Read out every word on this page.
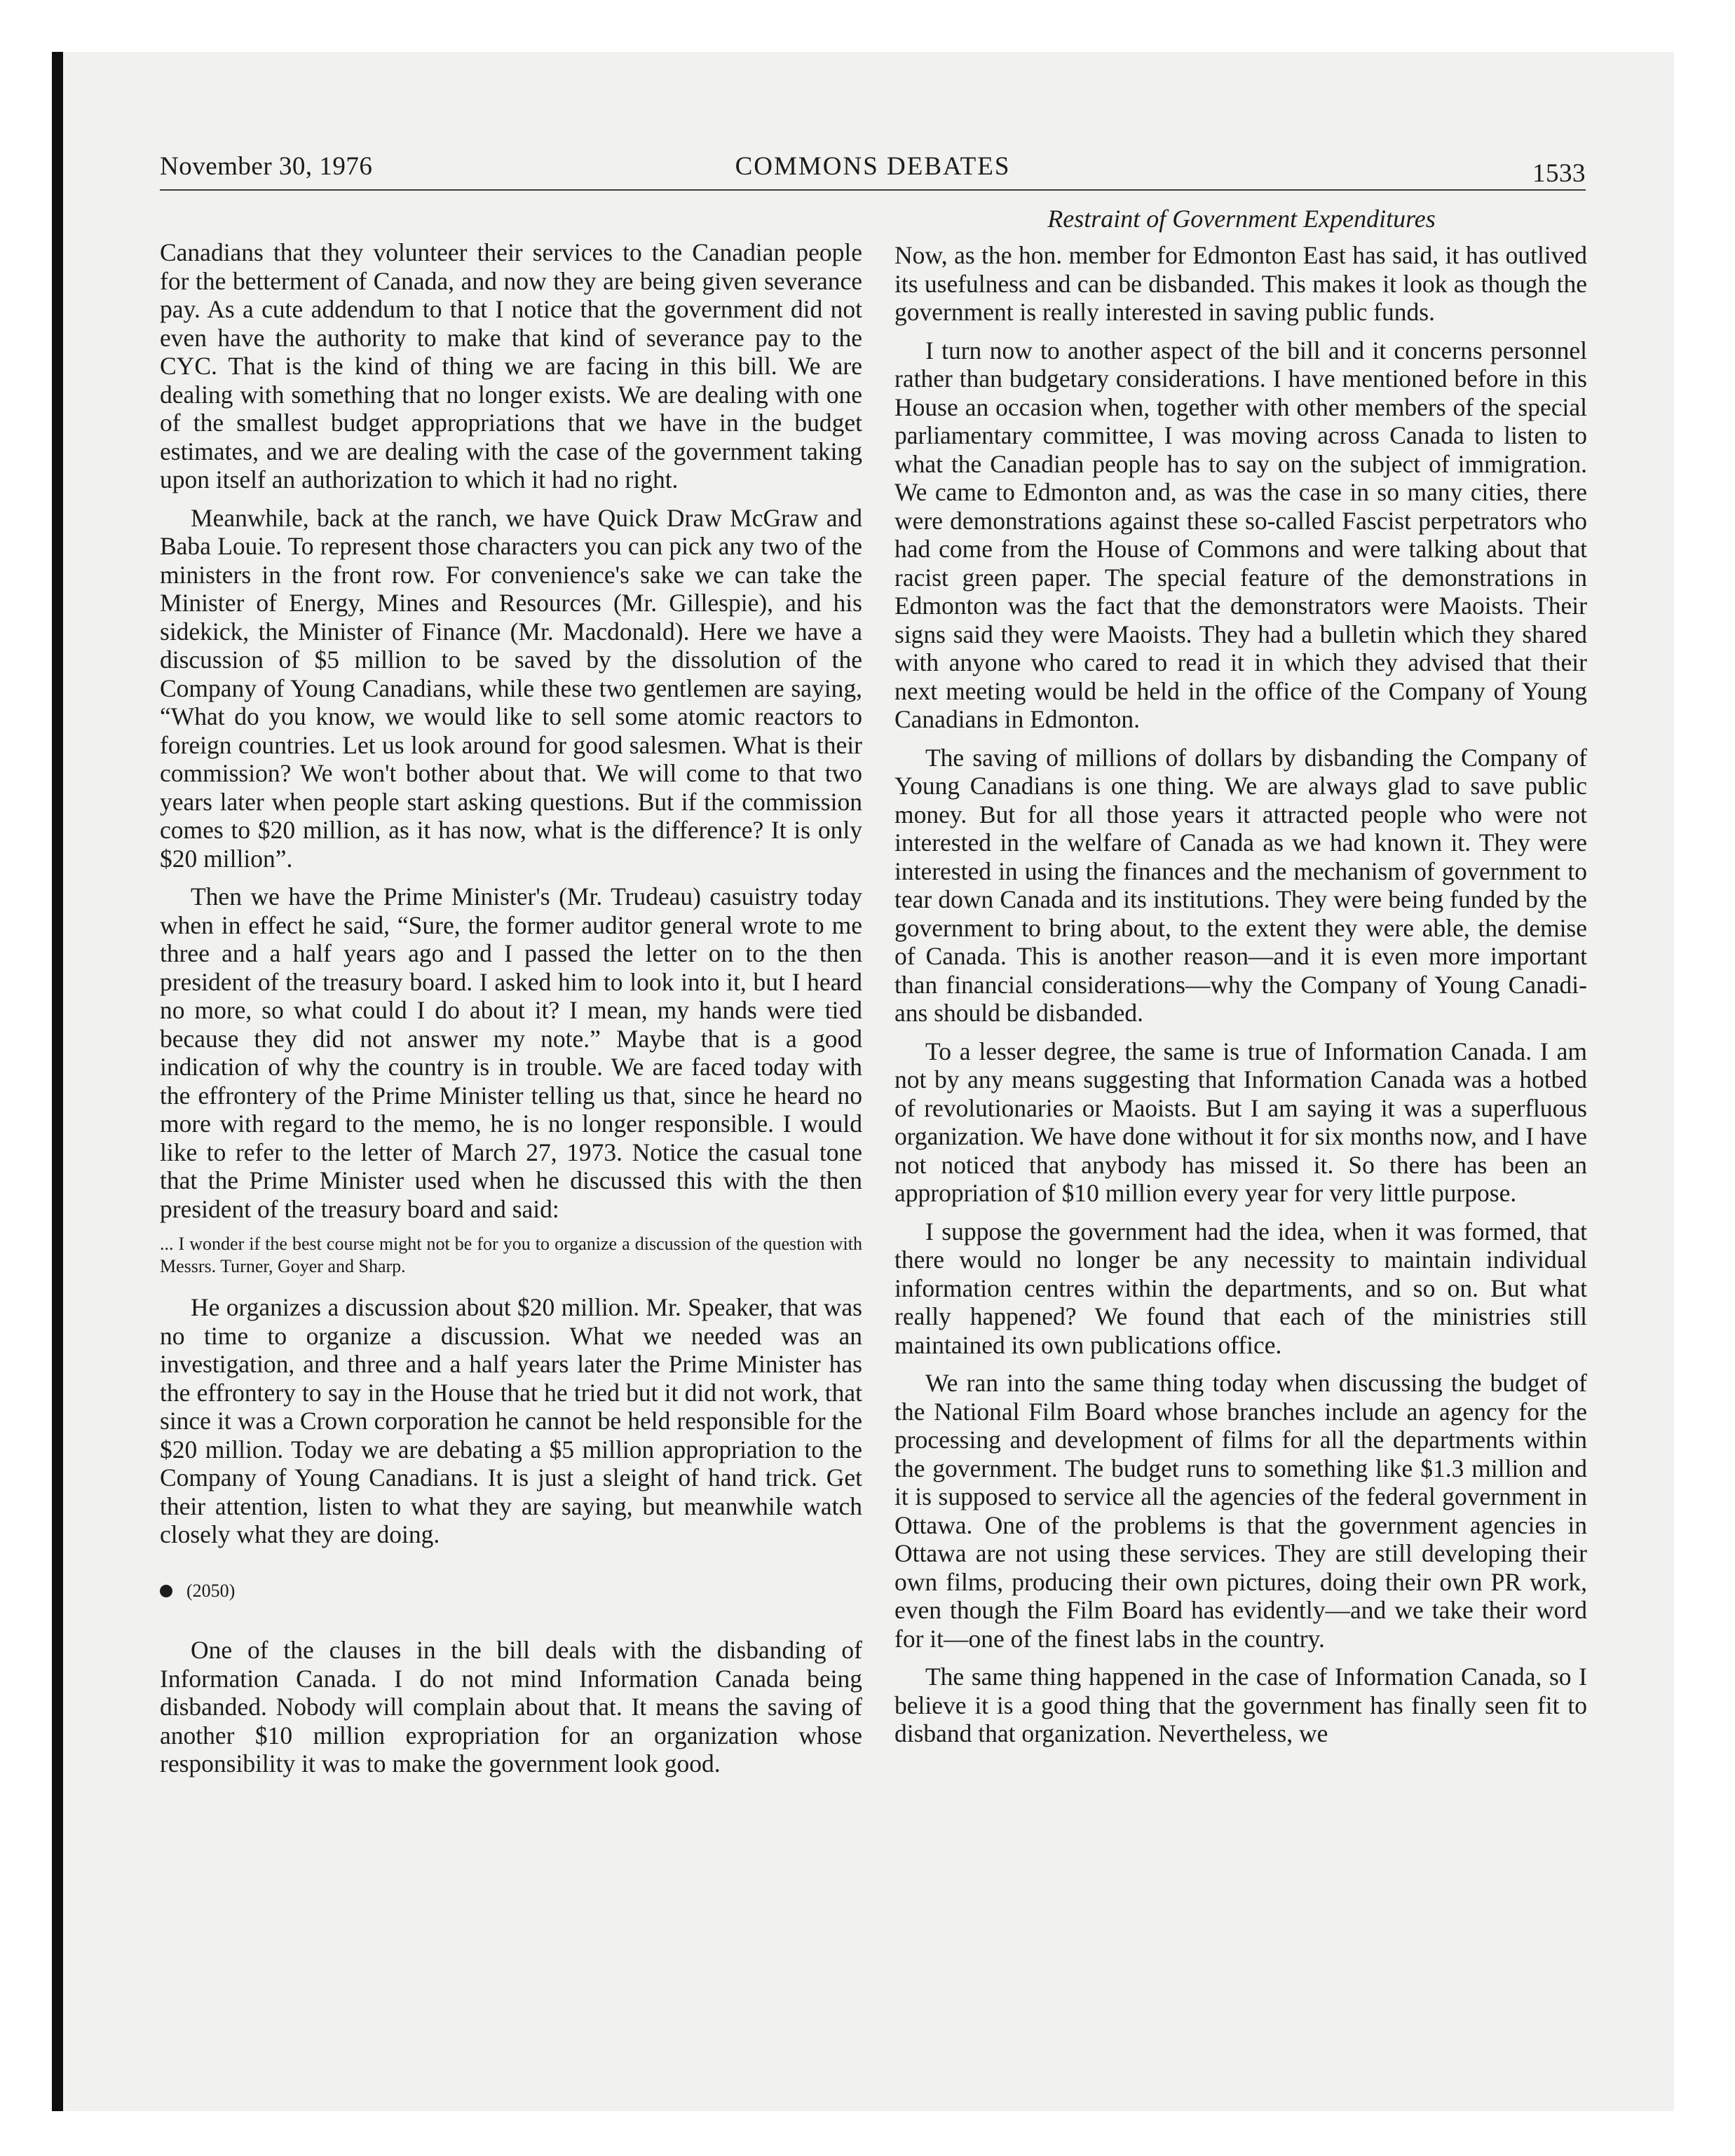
November 30, 1976	COMMONS DEBATES	1533
Restraint of Government Expenditures

Canadians that they volunteer their services to the Canadian people for the betterment of Canada, and now they are being given severance pay. As a cute addendum to that I notice that the government did not even have the authority to make that kind of severance pay to the CYC. That is the kind of thing we are facing in this bill. We are dealing with something that no longer exists. We are dealing with one of the smallest budget appropriations that we have in the budget estimates, and we are dealing with the case of the government taking upon itself an authorization to which it had no right.

Meanwhile, back at the ranch, we have Quick Draw McGraw and Baba Louie. To represent those characters you can pick any two of the ministers in the front row. For convenience's sake we can take the Minister of Energy, Mines and Resources (Mr. Gillespie), and his sidekick, the Minister of Finance (Mr. Macdonald). Here we have a discussion of $5 million to be saved by the dissolution of the Company of Young Canadians, while these two gentlemen are saying, “What do you know, we would like to sell some atomic reactors to foreign countries. Let us look around for good salesmen. What is their commission? We won't bother about that. We will come to that two years later when people start asking questions. But if the commission comes to $20 million, as it has now, what is the difference? It is only $20 million”.

Then we have the Prime Minister's (Mr. Trudeau) casuistry today when in effect he said, “Sure, the former auditor general wrote to me three and a half years ago and I passed the letter on to the then president of the treasury board. I asked him to look into it, but I heard no more, so what could I do about it? I mean, my hands were tied because they did not answer my note.” Maybe that is a good indication of why the country is in trouble. We are faced today with the effrontery of the Prime Minister telling us that, since he heard no more with regard to the memo, he is no longer responsible. I would like to refer to the letter of March 27, 1973. Notice the casual tone that the Prime Minister used when he discussed this with the then president of the treasury board and said:

... I wonder if the best course might not be for you to organize a discussion of the question with Messrs. Turner, Goyer and Sharp.

He organizes a discussion about $20 million. Mr. Speaker, that was no time to organize a discussion. What we needed was an investigation, and three and a half years later the Prime Minister has the effrontery to say in the House that he tried but it did not work, that since it was a Crown corporation he cannot be held responsible for the $20 million. Today we are debating a $5 million appropriation to the Company of Young Canadians. It is just a sleight of hand trick. Get their attention, listen to what they are saying, but meanwhile watch closely what they are doing.

(2050)

One of the clauses in the bill deals with the disbanding of Information Canada. I do not mind Information Canada being disbanded. Nobody will complain about that. It means the saving of another $10 million expropriation for an organization whose responsibility it was to make the government look good.

Now, as the hon. member for Edmonton East has said, it has outlived its usefulness and can be disbanded. This makes it look as though the government is really interested in saving public funds.

I turn now to another aspect of the bill and it concerns personnel rather than budgetary considerations. I have mentioned before in this House an occasion when, together with other members of the special parliamentary committee, I was moving across Canada to listen to what the Canadian people has to say on the subject of immigration. We came to Edmonton and, as was the case in so many cities, there were demonstrations against these so-called Fascist perpetrators who had come from the House of Commons and were talking about that racist green paper. The special feature of the demonstrations in Edmonton was the fact that the demonstrators were Maoists. Their signs said they were Maoists. They had a bulletin which they shared with anyone who cared to read it in which they advised that their next meeting would be held in the office of the Company of Young Canadians in Edmonton.

The saving of millions of dollars by disbanding the Company of Young Canadians is one thing. We are always glad to save public money. But for all those years it attracted people who were not interested in the welfare of Canada as we had known it. They were interested in using the finances and the mechanism of government to tear down Canada and its institutions. They were being funded by the government to bring about, to the extent they were able, the demise of Canada. This is another reason—and it is even more important than financial considerations—why the Company of Young Canadians should be disbanded.

To a lesser degree, the same is true of Information Canada. I am not by any means suggesting that Information Canada was a hotbed of revolutionaries or Maoists. But I am saying it was a superfluous organization. We have done without it for six months now, and I have not noticed that anybody has missed it. So there has been an appropriation of $10 million every year for very little purpose.

I suppose the government had the idea, when it was formed, that there would no longer be any necessity to maintain individual information centres within the departments, and so on. But what really happened? We found that each of the ministries still maintained its own publications office.

We ran into the same thing today when discussing the budget of the National Film Board whose branches include an agency for the processing and development of films for all the departments within the government. The budget runs to something like $1.3 million and it is supposed to service all the agencies of the federal government in Ottawa. One of the problems is that the government agencies in Ottawa are not using these services. They are still developing their own films, producing their own pictures, doing their own PR work, even though the Film Board has evidently—and we take their word for it—one of the finest labs in the country.

The same thing happened in the case of Information Canada, so I believe it is a good thing that the government has finally seen fit to disband that organization. Nevertheless, we
